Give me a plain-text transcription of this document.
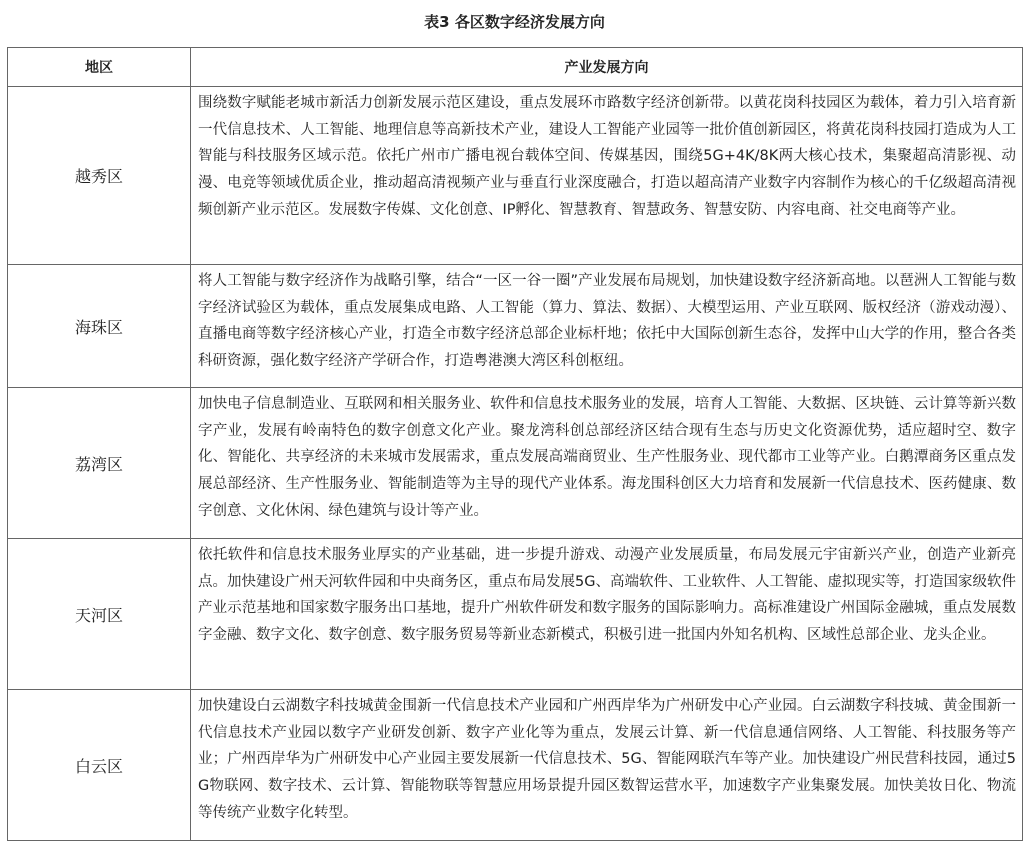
表3 各区数字经济发展方向
地区	产业发展方向
越秀区	围绕数字赋能老城市新活力创新发展示范区建设，重点发展环市路数字经济创新带。以黄花岗科技园区为载体，着力引入培育新一代信息技术、人工智能、地理信息等高新技术产业，建设人工智能产业园等一批价值创新园区，将黄花岗科技园打造成为人工智能与科技服务区域示范。依托广州市广播电视台载体空间、传媒基因，围绕5G+4K/8K两大核心技术，集聚超高清影视、动漫、电竞等领域优质企业，推动超高清视频产业与垂直行业深度融合，打造以超高清产业数字内容制作为核心的千亿级超高清视频创新产业示范区。发展数字传媒、文化创意、IP孵化、智慧教育、智慧政务、智慧安防、内容电商、社交电商等产业。
海珠区	将人工智能与数字经济作为战略引擎，结合“一区一谷一圈”产业发展布局规划，加快建设数字经济新高地。以琶洲人工智能与数字经济试验区为载体，重点发展集成电路、人工智能（算力、算法、数据）、大模型运用、产业互联网、版权经济（游戏动漫）、直播电商等数字经济核心产业，打造全市数字经济总部企业标杆地；依托中大国际创新生态谷，发挥中山大学的作用，整合各类科研资源，强化数字经济产学研合作，打造粤港澳大湾区科创枢纽。
荔湾区	加快电子信息制造业、互联网和相关服务业、软件和信息技术服务业的发展，培育人工智能、大数据、区块链、云计算等新兴数字产业，发展有岭南特色的数字创意文化产业。聚龙湾科创总部经济区结合现有生态与历史文化资源优势，适应超时空、数字化、智能化、共享经济的未来城市发展需求，重点发展高端商贸业、生产性服务业、现代都市工业等产业。白鹅潭商务区重点发展总部经济、生产性服务业、智能制造等为主导的现代产业体系。海龙围科创区大力培育和发展新一代信息技术、医药健康、数字创意、文化休闲、绿色建筑与设计等产业。
天河区	依托软件和信息技术服务业厚实的产业基础，进一步提升游戏、动漫产业发展质量，布局发展元宇宙新兴产业，创造产业新亮点。加快建设广州天河软件园和中央商务区，重点布局发展5G、高端软件、工业软件、人工智能、虚拟现实等，打造国家级软件产业示范基地和国家数字服务出口基地，提升广州软件研发和数字服务的国际影响力。高标准建设广州国际金融城，重点发展数字金融、数字文化、数字创意、数字服务贸易等新业态新模式，积极引进一批国内外知名机构、区域性总部企业、龙头企业。
白云区	加快建设白云湖数字科技城黄金围新一代信息技术产业园和广州西岸华为广州研发中心产业园。白云湖数字科技城、黄金围新一代信息技术产业园以数字产业研发创新、数字产业化等为重点，发展云计算、新一代信息通信网络、人工智能、科技服务等产业；广州西岸华为广州研发中心产业园主要发展新一代信息技术、5G、智能网联汽车等产业。加快建设广州民营科技园，通过5G物联网、数字技术、云计算、智能物联等智慧应用场景提升园区数智运营水平，加速数字产业集聚发展。加快美妆日化、物流等传统产业数字化转型。
